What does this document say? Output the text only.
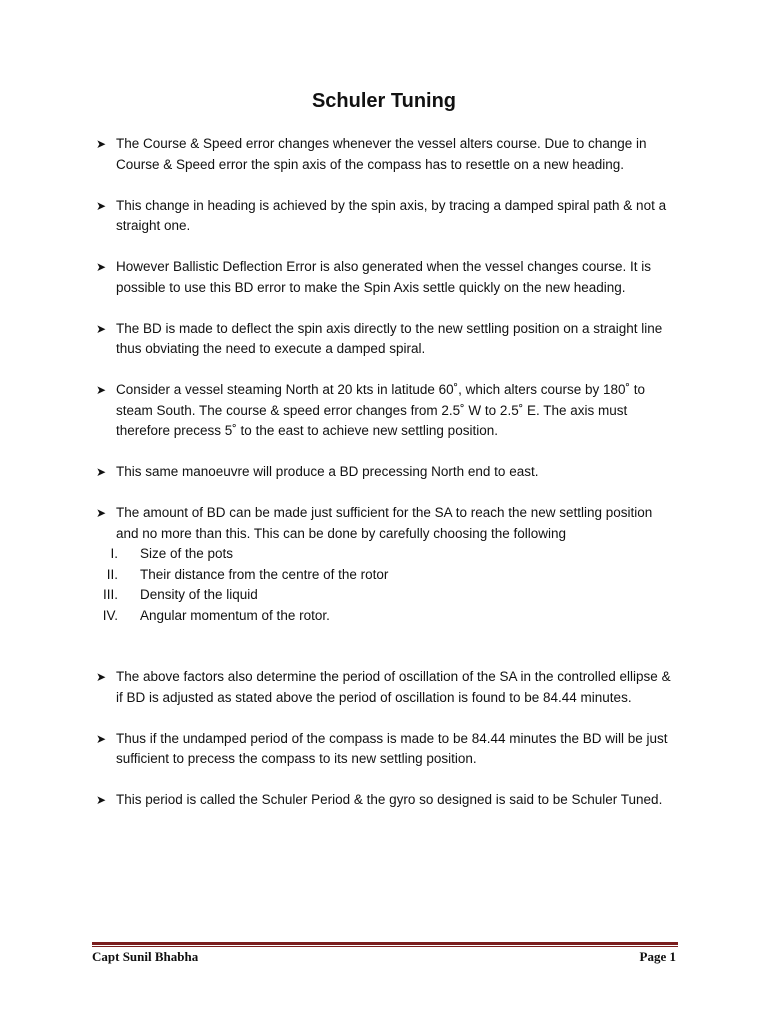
Schuler Tuning
➤ The Course & Speed error changes whenever the vessel alters course. Due to change in Course & Speed error the spin axis of the compass has to resettle on a new heading.
➤ This change in heading is achieved by the spin axis, by tracing a damped spiral path & not a straight one.
➤ However Ballistic Deflection Error is also generated when the vessel changes course. It is possible to use this BD error to make the Spin Axis settle quickly on the new heading.
➤ The BD is made to deflect the spin axis directly to the new settling position on a straight line thus obviating the need to execute a damped spiral.
➤ Consider a vessel steaming North at 20 kts in latitude 60˚, which alters course by 180˚ to steam South. The course & speed error changes from 2.5˚ W to 2.5˚ E. The axis must therefore precess 5˚ to the east to achieve new settling position.
➤ This same manoeuvre will produce a BD precessing North end to east.
➤ The amount of BD can be made just sufficient for the SA to reach the new settling position and no more than this. This can be done by carefully choosing the following
I. Size of the pots
II. Their distance from the centre of the rotor
III. Density of the liquid
IV. Angular momentum of the rotor.
➤ The above factors also determine the period of oscillation of the SA in the controlled ellipse & if BD is adjusted as stated above the period of oscillation is found to be 84.44 minutes.
➤ Thus if the undamped period of the compass is made to be 84.44 minutes the BD will be just sufficient to precess the compass to its new settling position.
➤ This period is called the Schuler Period & the gyro so designed is said to be Schuler Tuned.
Capt Sunil Bhabha	Page 1
